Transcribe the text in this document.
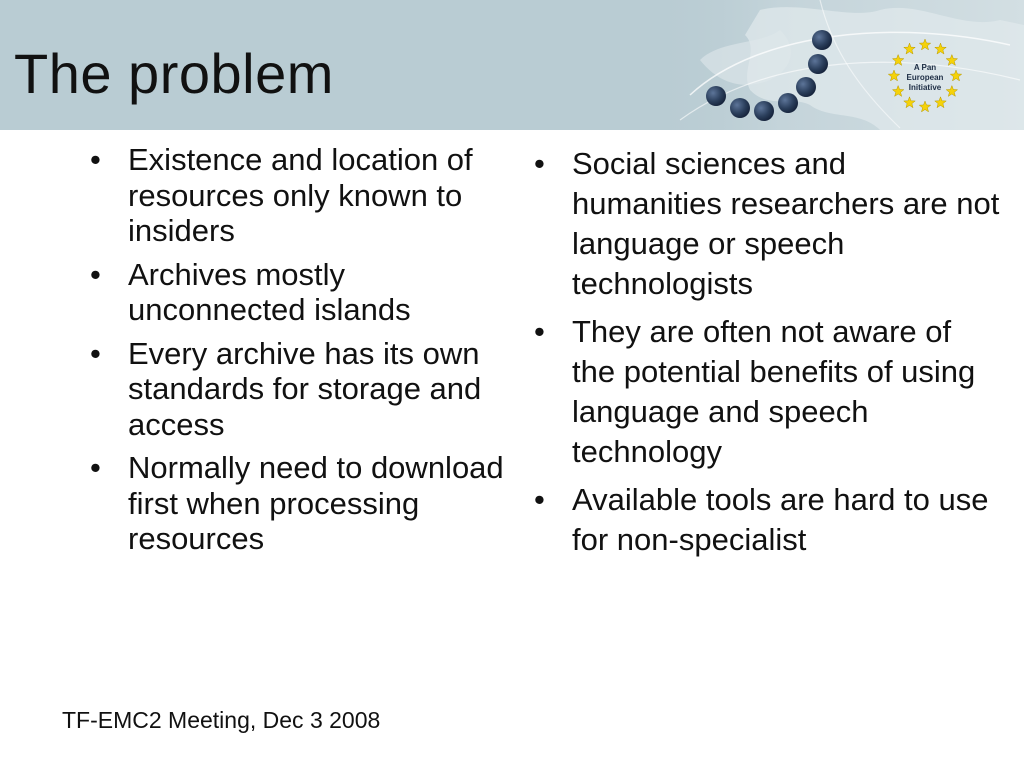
A Pan
European
Initiative
The problem
• Existence and location of resources only known to insiders
• Archives mostly unconnected islands
• Every archive has its own standards for storage and access
• Normally need to download first when processing resources
• Social sciences and humanities researchers are not language or speech technologists
• They are often not aware of the potential benefits of using language and speech technology
• Available tools are hard to use for non-specialist
TF-EMC2 Meeting, Dec 3 2008
